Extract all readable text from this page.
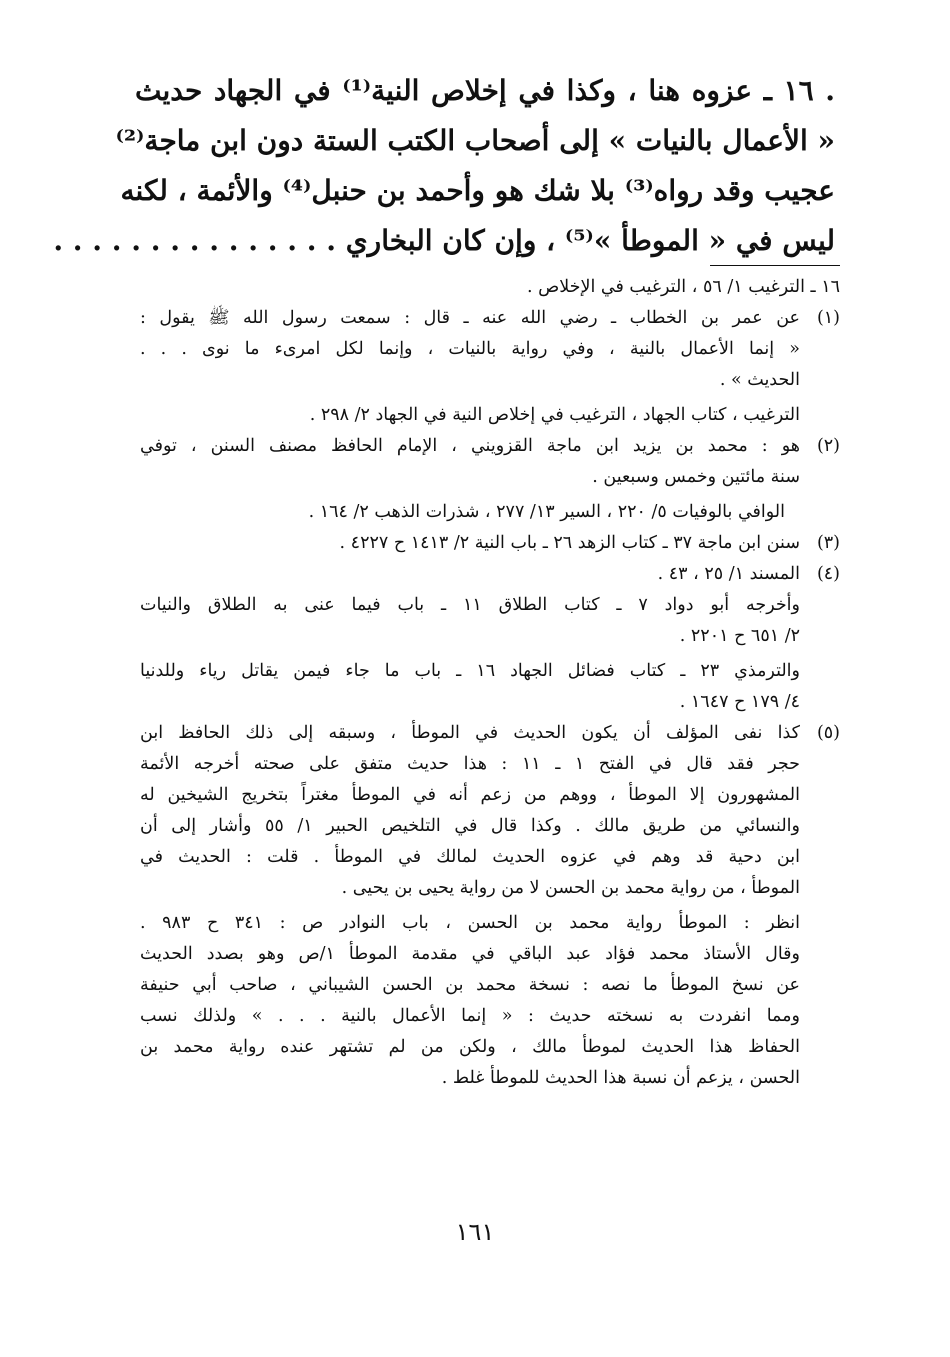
. ١٦ ـ عزوه هنا ، وكذا في إخلاص النية⁽¹⁾ في الجهاد حديث
« الأعمال بالنيات » إلى أصحاب الكتب الستة دون ابن ماجة⁽²⁾
عجيب وقد رواه⁽³⁾ بلا شك هو وأحمد بن حنبل⁽⁴⁾ والأئمة ، لكنه
ليس في « الموطأ »⁽⁵⁾ ، وإن كان البخاري . . . . . . . . . . . . . . .
١٦ ـ الترغيب ١/ ٥٦ ، الترغيب في الإخلاص .
(١)عن عمر بن الخطاب ـ رضي الله عنه ـ قال : سمعت رسول الله ﷺ يقول :
« إنما الأعمال بالنية ، وفي رواية بالنيات ، وإنما لكل امرىء ما نوى . . .
الحديث » .
الترغيب ، كتاب الجهاد ، الترغيب في إخلاص النية في الجهاد ٢/ ٢٩٨ .
(٢)هو : محمد بن يزيد ابن ماجة القزويني ، الإمام الحافظ مصنف السنن ، توفي
سنة مائتين وخمس وسبعين .
الوافي بالوفيات ٥/ ٢٢٠ ، السير ١٣/ ٢٧٧ ، شذرات الذهب ٢/ ١٦٤ .
(٣)سنن ابن ماجة ٣٧ ـ كتاب الزهد ٢٦ ـ باب النية ٢/ ١٤١٣ ح ٤٢٢٧ .
(٤)المسند ١/ ٢٥ ، ٤٣ .
وأخرجه أبو دواد ٧ ـ كتاب الطلاق ١١ ـ باب فيما عنى به الطلاق والنيات
٢/ ٦٥١ ح ٢٢٠١ .
والترمذي ٢٣ ـ كتاب فضائل الجهاد ١٦ ـ باب ما جاء فيمن يقاتل رياء وللدنيا
٤/ ١٧٩ ح ١٦٤٧ .
(٥)كذا نفى المؤلف أن يكون الحديث في الموطأ ، وسبقه إلى ذلك الحافظ ابن
حجر فقد قال في الفتح ١ ـ ١١ : هذا حديث متفق على صحته أخرجه الأئمة
المشهورون إلا الموطأ ، ووهم من زعم أنه في الموطأ مغتراً بتخريج الشيخين له
والنسائي من طريق مالك . وكذا قال في التلخيص الحبير ١/ ٥٥ وأشار إلى أن
ابن دحية قد وهم في عزوه الحديث لمالك في الموطأ . قلت : الحديث في
الموطأ ، من رواية محمد بن الحسن لا من رواية يحيى بن يحيى .
انظر : الموطأ رواية محمد بن الحسن ، باب النوادر ص : ٣٤١ ح ٩٨٣ .
وقال الأستاذ محمد فؤاد عبد الباقي في مقدمة الموطأ ١/ص وهو بصدد الحديث
عن نسخ الموطأ ما نصه : نسخة محمد بن الحسن الشيباني ، صاحب أبي حنيفة
ومما انفردت به نسخته حديث : « إنما الأعمال بالنية . . . » ولذلك نسب
الحفاظ هذا الحديث لموطأ مالك ، ولكن من لم تشتهر عنده رواية محمد بن
الحسن ، يزعم أن نسبة هذا الحديث للموطأ غلط .
١٦١
